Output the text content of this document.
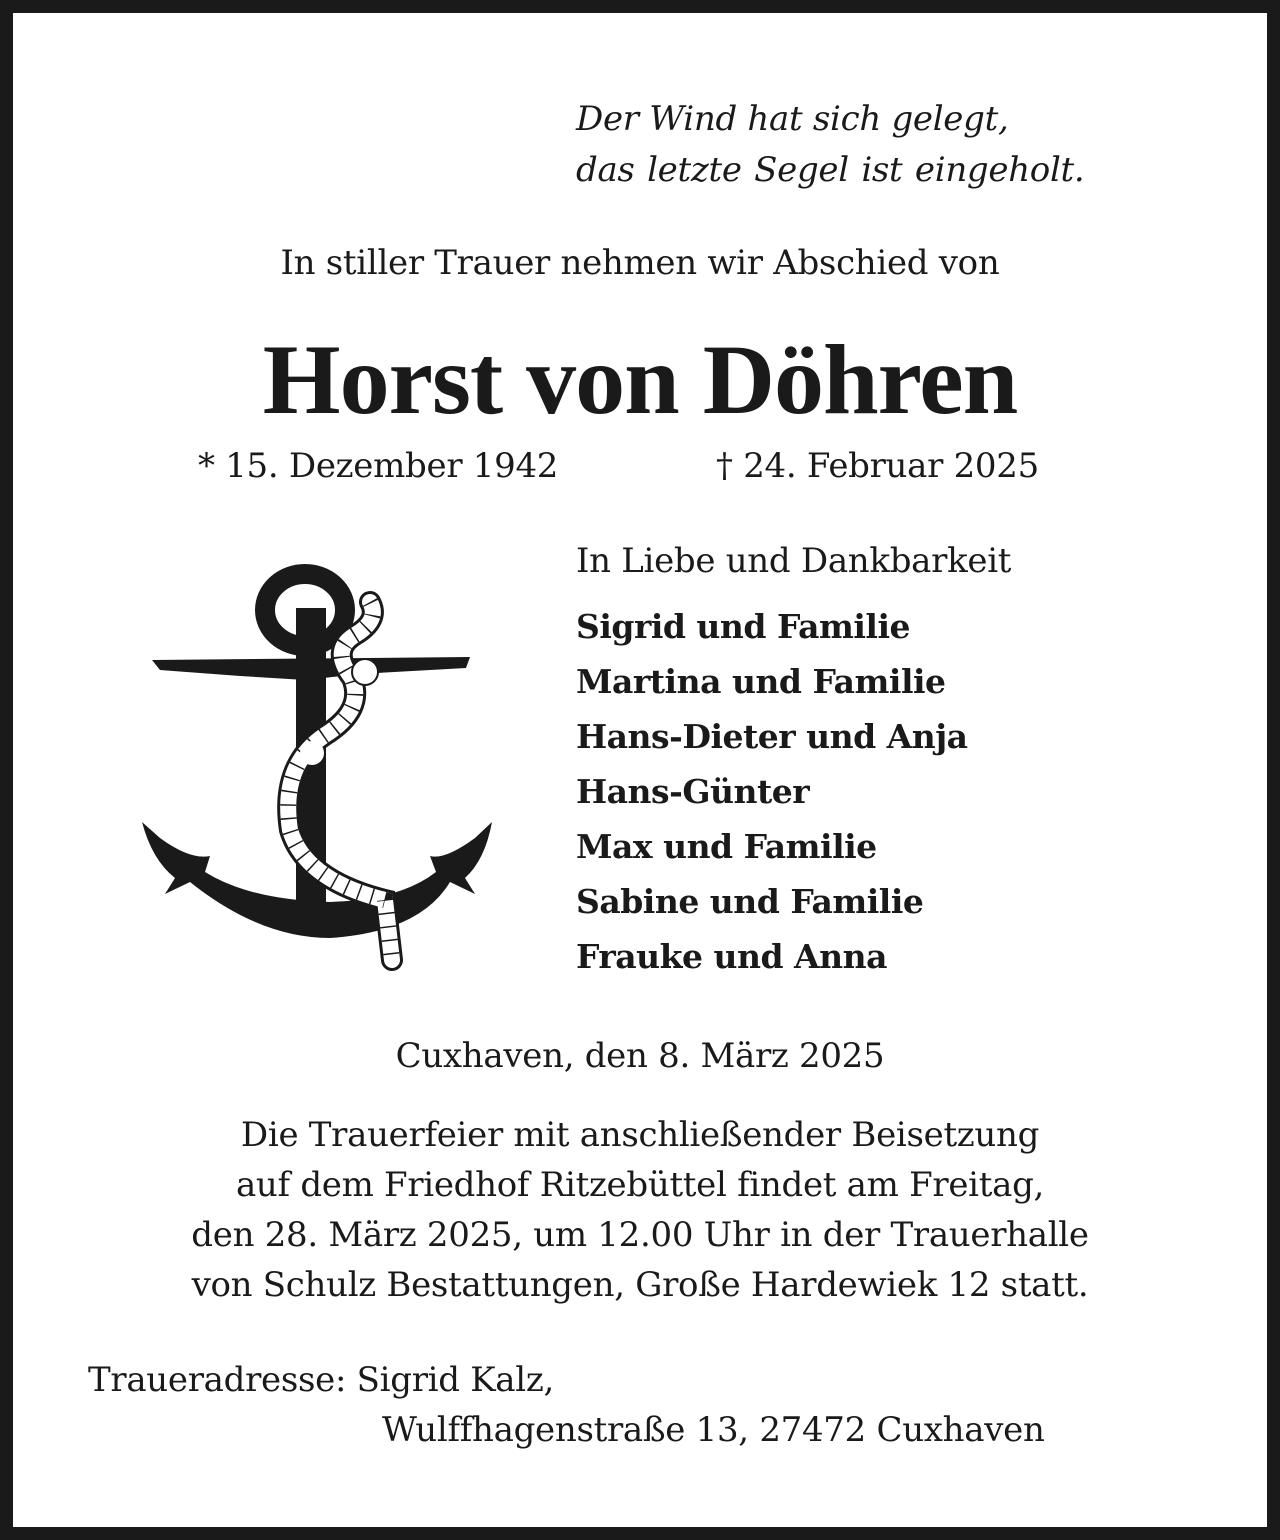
Der Wind hat sich gelegt,
das letzte Segel ist eingeholt.
In stiller Trauer nehmen wir Abschied von
Horst von Döhren
* 15. Dezember 1942	† 24. Februar 2025
In Liebe und Dankbarkeit
Sigrid und Familie
Martina und Familie
Hans-Dieter und Anja
Hans-Günter
Max und Familie
Sabine und Familie
Frauke und Anna
Cuxhaven, den 8. März 2025
Die Trauerfeier mit anschließender Beisetzung
auf dem Friedhof Ritzebüttel findet am Freitag,
den 28. März 2025, um 12.00 Uhr in der Trauerhalle
von Schulz Bestattungen, Große Hardewiek 12 statt.
Traueradresse: Sigrid Kalz,
Wulffhagenstraße 13, 27472 Cuxhaven
